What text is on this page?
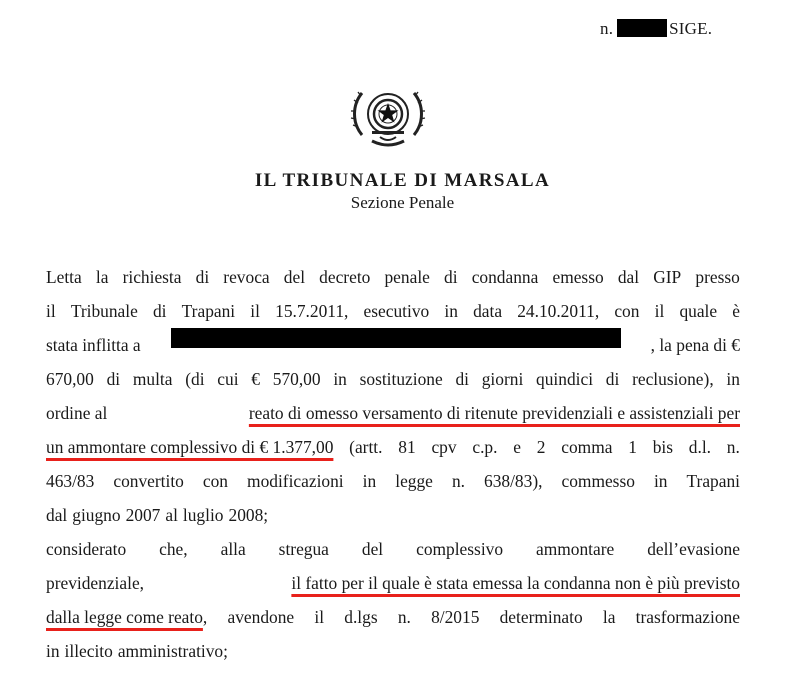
n.	SIGE.
IL TRIBUNALE DI MARSALA
Sezione Penale
Letta la richiesta di revoca del decreto penale di condanna emesso dal GIP presso
il Tribunale di Trapani il 15.7.2011, esecutivo in data 24.10.2011, con il quale è
stata inflitta a	, la pena di €
670,00 di multa (di cui € 570,00 in sostituzione di giorni quindici di reclusione), in
ordine al	reato di omesso versamento di ritenute previdenziali e assistenziali per
un ammontare complessivo di € 1.377,00 (artt. 81 cpv c.p. e 2 comma 1 bis d.l. n.
463/83 convertito con modificazioni in legge n. 638/83), commesso in Trapani
dal giugno 2007 al luglio 2008;
considerato che, alla stregua del complessivo ammontare dell’evasione
previdenziale,	il fatto per il quale è stata emessa la condanna non è più previsto
dalla legge come reato, avendone il d.lgs n. 8/2015 determinato la trasformazione
in illecito amministrativo;
